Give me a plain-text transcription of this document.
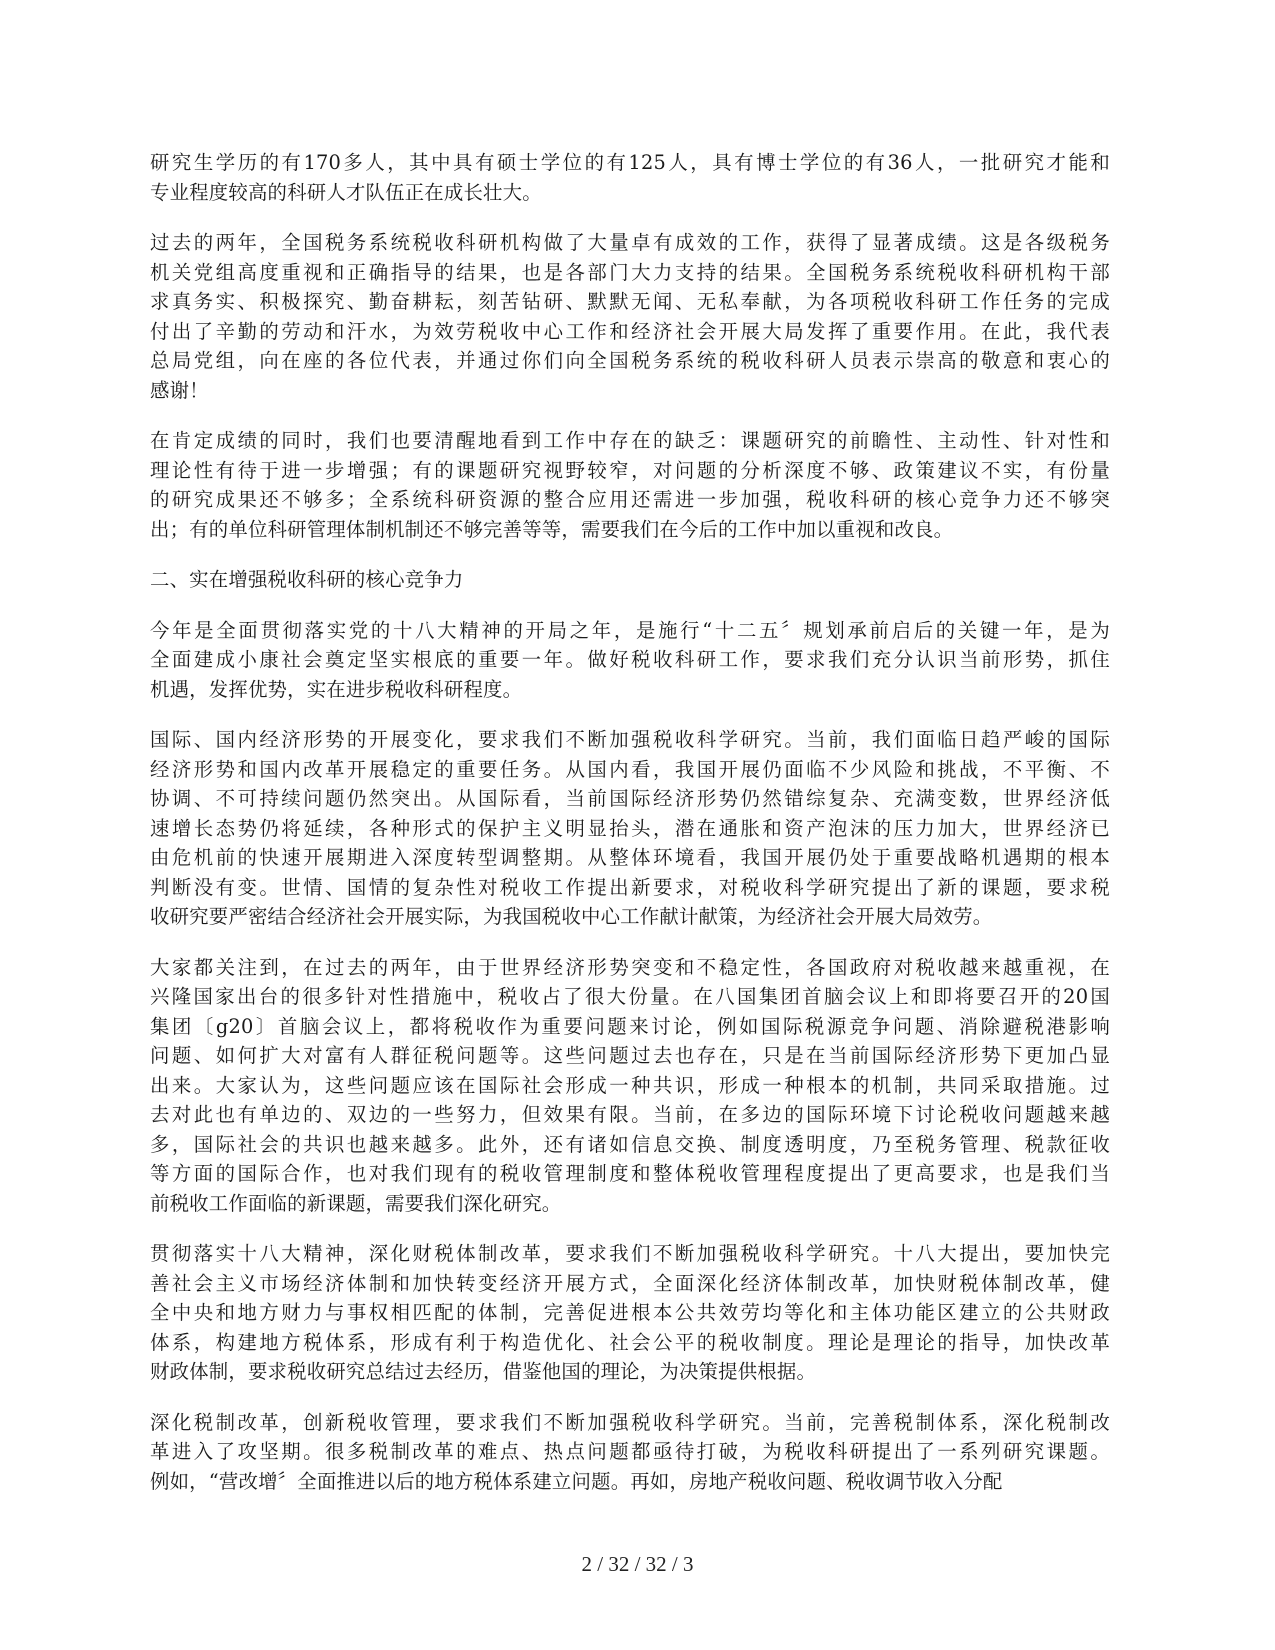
研究生学历的有170多人，其中具有硕士学位的有125人，具有博士学位的有36人，一批研究才能和
专业程度较高的科研人才队伍正在成长壮大。
过去的两年，全国税务系统税收科研机构做了大量卓有成效的工作，获得了显著成绩。这是各级税务
机关党组高度重视和正确指导的结果，也是各部门大力支持的结果。全国税务系统税收科研机构干部
求真务实、积极探究、勤奋耕耘，刻苦钻研、默默无闻、无私奉献，为各项税收科研工作任务的完成
付出了辛勤的劳动和汗水，为效劳税收中心工作和经济社会开展大局发挥了重要作用。在此，我代表
总局党组，向在座的各位代表，并通过你们向全国税务系统的税收科研人员表示崇高的敬意和衷心的
感谢！
在肯定成绩的同时，我们也要清醒地看到工作中存在的缺乏：课题研究的前瞻性、主动性、针对性和
理论性有待于进一步增强；有的课题研究视野较窄，对问题的分析深度不够、政策建议不实，有份量
的研究成果还不够多；全系统科研资源的整合应用还需进一步加强，税收科研的核心竞争力还不够突
出；有的单位科研管理体制机制还不够完善等等，需要我们在今后的工作中加以重视和改良。
二、实在增强税收科研的核心竞争力
今年是全面贯彻落实党的十八大精神的开局之年，是施行“十二五〞规划承前启后的关键一年，是为
全面建成小康社会奠定坚实根底的重要一年。做好税收科研工作，要求我们充分认识当前形势，抓住
机遇，发挥优势，实在进步税收科研程度。
国际、国内经济形势的开展变化，要求我们不断加强税收科学研究。当前，我们面临日趋严峻的国际
经济形势和国内改革开展稳定的重要任务。从国内看，我国开展仍面临不少风险和挑战，不平衡、不
协调、不可持续问题仍然突出。从国际看，当前国际经济形势仍然错综复杂、充满变数，世界经济低
速增长态势仍将延续，各种形式的保护主义明显抬头，潜在通胀和资产泡沫的压力加大，世界经济已
由危机前的快速开展期进入深度转型调整期。从整体环境看，我国开展仍处于重要战略机遇期的根本
判断没有变。世情、国情的复杂性对税收工作提出新要求，对税收科学研究提出了新的课题，要求税
收研究要严密结合经济社会开展实际，为我国税收中心工作献计献策，为经济社会开展大局效劳。
大家都关注到，在过去的两年，由于世界经济形势突变和不稳定性，各国政府对税收越来越重视，在
兴隆国家出台的很多针对性措施中，税收占了很大份量。在八国集团首脑会议上和即将要召开的20国
集团〔g20〕首脑会议上，都将税收作为重要问题来讨论，例如国际税源竞争问题、消除避税港影响
问题、如何扩大对富有人群征税问题等。这些问题过去也存在，只是在当前国际经济形势下更加凸显
出来。大家认为，这些问题应该在国际社会形成一种共识，形成一种根本的机制，共同采取措施。过
去对此也有单边的、双边的一些努力，但效果有限。当前，在多边的国际环境下讨论税收问题越来越
多，国际社会的共识也越来越多。此外，还有诸如信息交换、制度透明度，乃至税务管理、税款征收
等方面的国际合作，也对我们现有的税收管理制度和整体税收管理程度提出了更高要求，也是我们当
前税收工作面临的新课题，需要我们深化研究。
贯彻落实十八大精神，深化财税体制改革，要求我们不断加强税收科学研究。十八大提出，要加快完
善社会主义市场经济体制和加快转变经济开展方式，全面深化经济体制改革，加快财税体制改革，健
全中央和地方财力与事权相匹配的体制，完善促进根本公共效劳均等化和主体功能区建立的公共财政
体系，构建地方税体系，形成有利于构造优化、社会公平的税收制度。理论是理论的指导，加快改革
财政体制，要求税收研究总结过去经历，借鉴他国的理论，为决策提供根据。
深化税制改革，创新税收管理，要求我们不断加强税收科学研究。当前，完善税制体系，深化税制改
革进入了攻坚期。很多税制改革的难点、热点问题都亟待打破，为税收科研提出了一系列研究课题。
例如，“营改增〞全面推进以后的地方税体系建立问题。再如，房地产税收问题、税收调节收入分配
2 / 32 / 32 / 3
